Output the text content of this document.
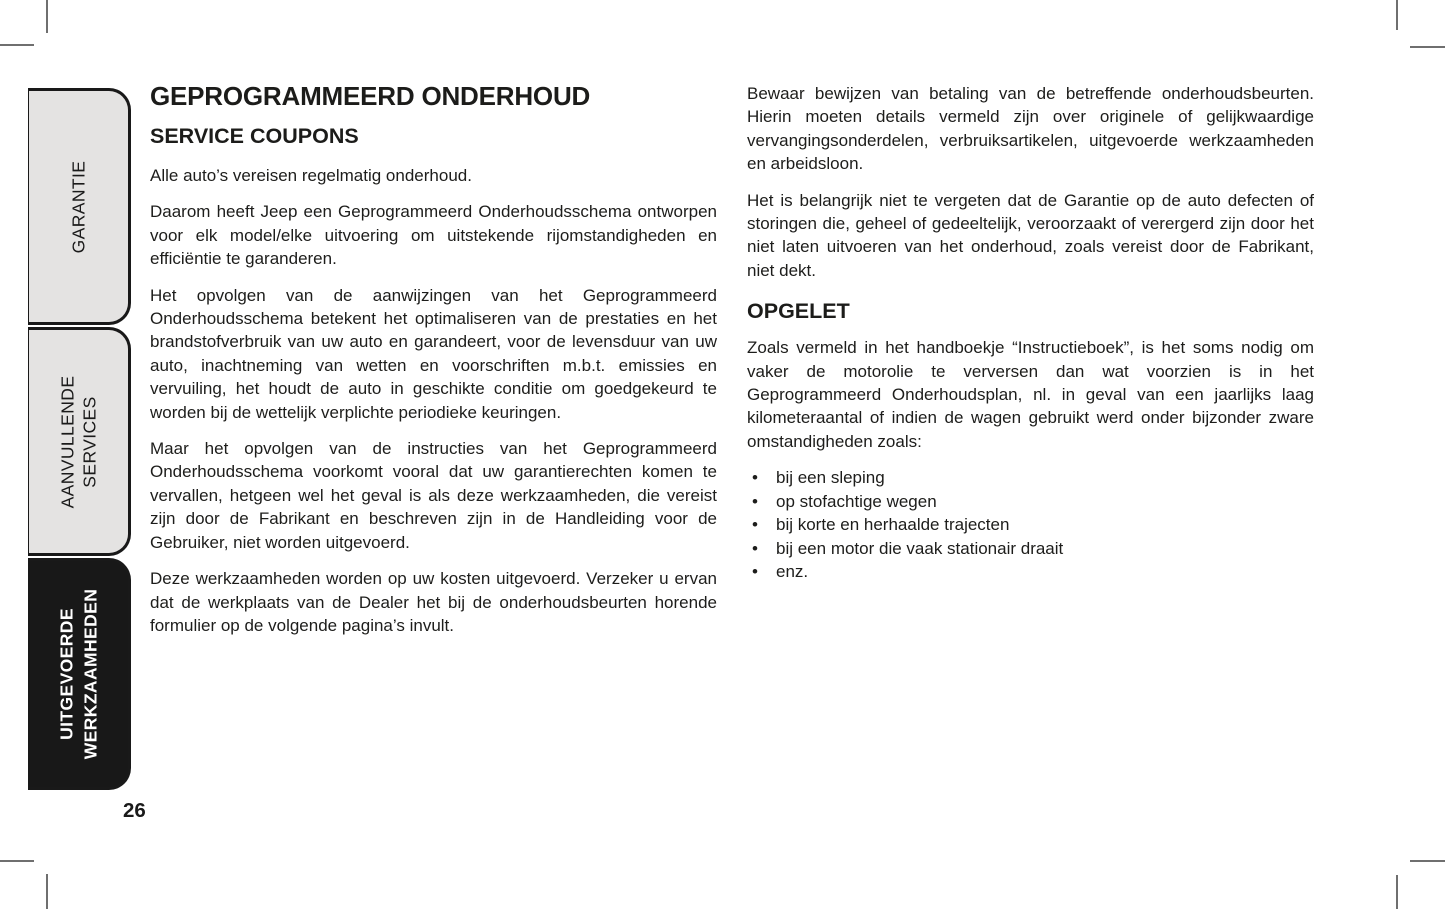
GARANTIE
AANVULLENDE SERVICES
UITGEVOERDE WERKZAAMHEDEN
26
GEPROGRAMMEERD ONDERHOUD
SERVICE COUPONS

Alle auto’s vereisen regelmatig onderhoud.

Daarom heeft Jeep een Geprogrammeerd Onderhoudsschema ontworpen voor elk model/elke uitvoering om uitstekende rijomstandigheden en efficiëntie te garanderen.

Het opvolgen van de aanwijzingen van het Geprogrammeerd Onderhoudsschema betekent het optimaliseren van de prestaties en het brandstofverbruik van uw auto en garandeert, voor de levensduur van uw auto, inachtneming van wetten en voorschriften m.b.t. emissies en vervuiling, het houdt de auto in geschikte conditie om goedgekeurd te worden bij de wettelijk verplichte periodieke keuringen.

Maar het opvolgen van de instructies van het Geprogrammeerd Onderhoudsschema voorkomt vooral dat uw garantierechten komen te vervallen, hetgeen wel het geval is als deze werkzaamheden, die vereist zijn door de Fabrikant en beschreven zijn in de Handleiding voor de Gebruiker, niet worden uitgevoerd.

Deze werkzaamheden worden op uw kosten uitgevoerd. Verzeker u ervan dat de werkplaats van de Dealer het bij de onderhoudsbeurten horende formulier op de volgende pagina’s invult.

Bewaar bewijzen van betaling van de betreffende onderhoudsbeurten. Hierin moeten details vermeld zijn over originele of gelijkwaardige vervangingsonderdelen, verbruiksartikelen, uitgevoerde werkzaamheden en arbeidsloon.

Het is belangrijk niet te vergeten dat de Garantie op de auto defecten of storingen die, geheel of gedeeltelijk, veroorzaakt of verergerd zijn door het niet laten uitvoeren van het onderhoud, zoals vereist door de Fabrikant, niet dekt.

OPGELET

Zoals vermeld in het handboekje “Instructieboek”, is het soms nodig om vaker de motorolie te verversen dan wat voorzien is in het Geprogrammeerd Onderhoudsplan, nl. in geval van een jaarlijks laag kilometeraantal of indien de wagen gebruikt werd onder bijzonder zware omstandigheden zoals:

• bij een sleping
• op stofachtige wegen
• bij korte en herhaalde trajecten
• bij een motor die vaak stationair draait
• enz.
